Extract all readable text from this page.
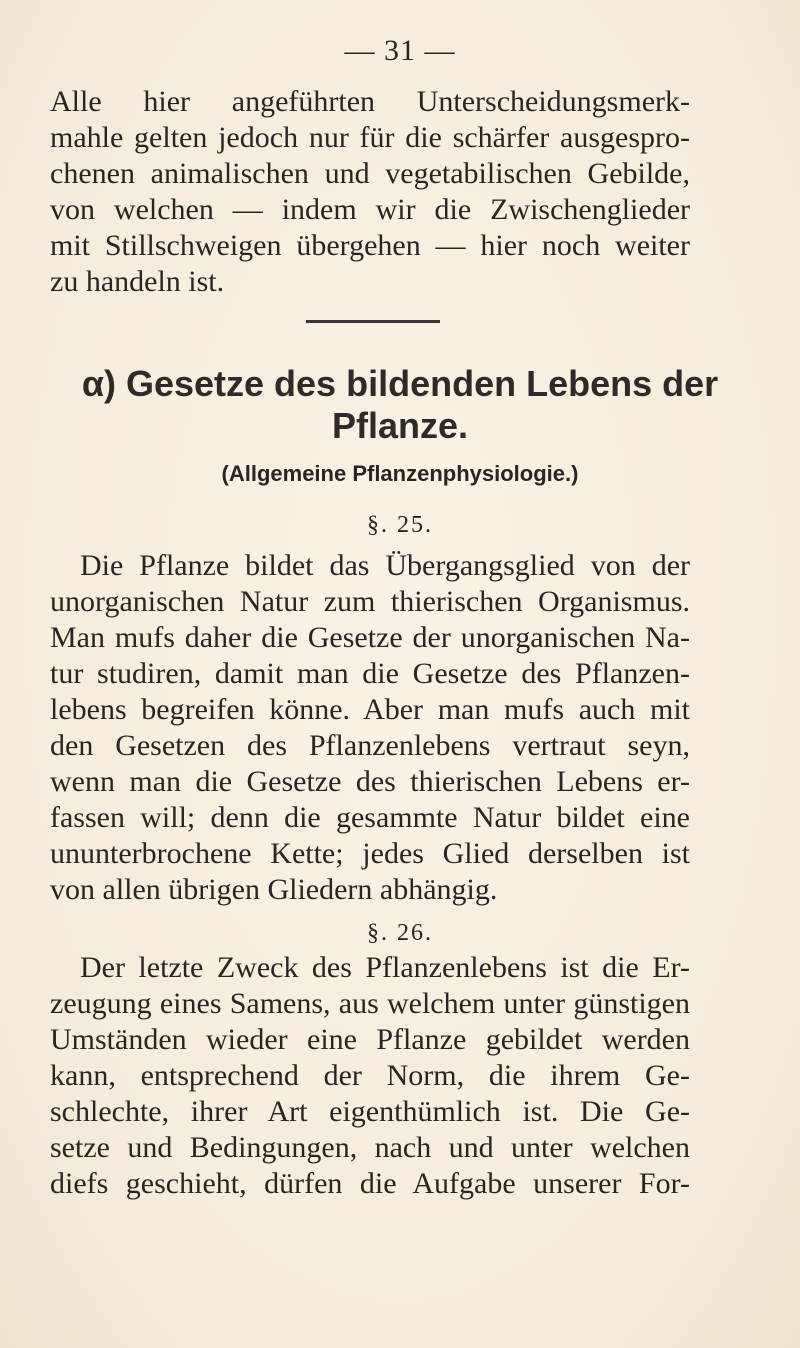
— 31 —
Alle hier angeführten Unterscheidungsmerk-
mahle gelten jedoch nur für die schärfer ausgespro-
chenen animalischen und vegetabilischen Gebilde,
von welchen — indem wir die Zwischenglieder
mit Stillschweigen übergehen — hier noch weiter
zu handeln ist.
α) Gesetze des bildenden Lebens der
Pflanze.
(Allgemeine Pflanzenphysiologie.)
§. 25.
Die Pflanze bildet das Übergangsglied von der
unorganischen Natur zum thierischen Organismus.
Man mufs daher die Gesetze der unorganischen Na-
tur studiren, damit man die Gesetze des Pflanzen-
lebens begreifen könne. Aber man mufs auch mit
den Gesetzen des Pflanzenlebens vertraut seyn,
wenn man die Gesetze des thierischen Lebens er-
fassen will; denn die gesammte Natur bildet eine
ununterbrochene Kette; jedes Glied derselben ist
von allen übrigen Gliedern abhängig.
§. 26.
Der letzte Zweck des Pflanzenlebens ist die Er-
zeugung eines Samens, aus welchem unter günstigen
Umständen wieder eine Pflanze gebildet werden
kann, entsprechend der Norm, die ihrem Ge-
schlechte, ihrer Art eigenthümlich ist. Die Ge-
setze und Bedingungen, nach und unter welchen
diefs geschieht, dürfen die Aufgabe unserer For-
